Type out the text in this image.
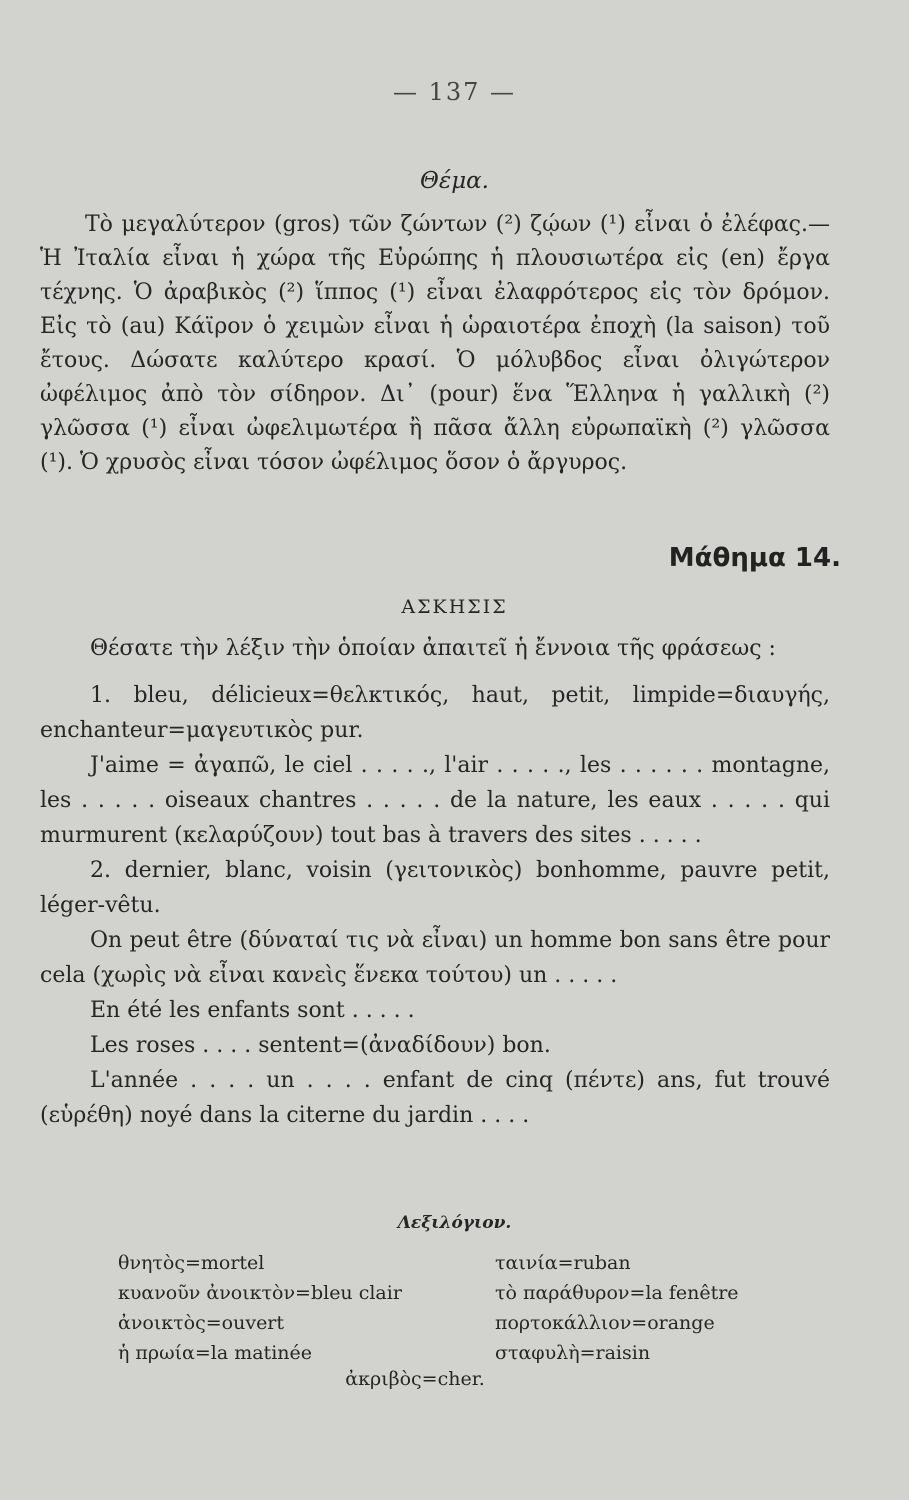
— 137 —
Θέμα.
Τὸ μεγαλύτερον (gros) τῶν ζώντων (²) ζῴων (¹) εἶναι ὁ ἐλέφας.—Ἡ Ἰταλία εἶναι ἡ χώρα τῆς Εὐρώπης ἡ πλουσιωτέρα εἰς (en) ἔργα τέχνης. Ὁ ἀραβικὸς (²) ἵππος (¹) εἶναι ἐλαφρότερος εἰς τὸν δρόμον. Εἰς τὸ (au) Κάϊρον ὁ χειμὼν εἶναι ἡ ὡραιοτέρα ἐποχὴ (la saison) τοῦ ἔτους. Δώσατε καλύτερο κρασί. Ὁ μόλυβδος εἶναι ὀλιγώτερον ὠφέλιμος ἀπὸ τὸν σίδηρον. Δι᾽ (pour) ἕνα Ἕλληνα ἡ γαλλικὴ (²) γλῶσσα (¹) εἶναι ὠφελιμωτέρα ἢ πᾶσα ἄλλη εὐρωπαϊκὴ (²) γλῶσσα (¹). Ὁ χρυσὸς εἶναι τόσον ὠφέλιμος ὅσον ὁ ἄργυρος.
Μάθημα 14.
ΑΣΚΗΣΙΣ
Θέσατε τὴν λέξιν τὴν ὁποίαν ἀπαιτεῖ ἡ ἔννοια τῆς φράσεως :

1. bleu, délicieux=θελκτικός, haut, petit, limpide=διαυγής, enchanteur=μαγευτικὸς pur.

J'aime = ἀγαπῶ, le ciel . . . . ., l'air . . . . ., les . . . . . . montagne, les . . . . . oiseaux chantres . . . . . de la nature, les eaux . . . . . qui murmurent (κελαρύζουν) tout bas à travers des sites . . . . .

2. dernier, blanc, voisin (γειτονικὸς) bonhomme, pauvre petit, léger-vêtu.

On peut être (δύναταί τις νὰ εἶναι) un homme bon sans être pour cela (χωρὶς νὰ εἶναι κανεὶς ἕνεκα τούτου) un . . . . .

En été les enfants sont . . . . .

Les roses . . . . sentent=(ἀναδίδουν) bon.

L'année . . . . un . . . . enfant de cinq (πέντε) ans, fut trouvé (εὑρέθη) noyé dans la citerne du jardin . . . .

Λεξιλόγιον.
θνητὸς=mortel
κυανοῦν ἀνοικτὸν=bleu clair
ἀνοικτὸς=ouvert
ἡ πρωία=la matinée
ταινία=ruban
τὸ παράθυρον=la fenêtre
πορτοκάλλιον=orange
σταφυλὴ=raisin
ἀκριβὸς=cher.
